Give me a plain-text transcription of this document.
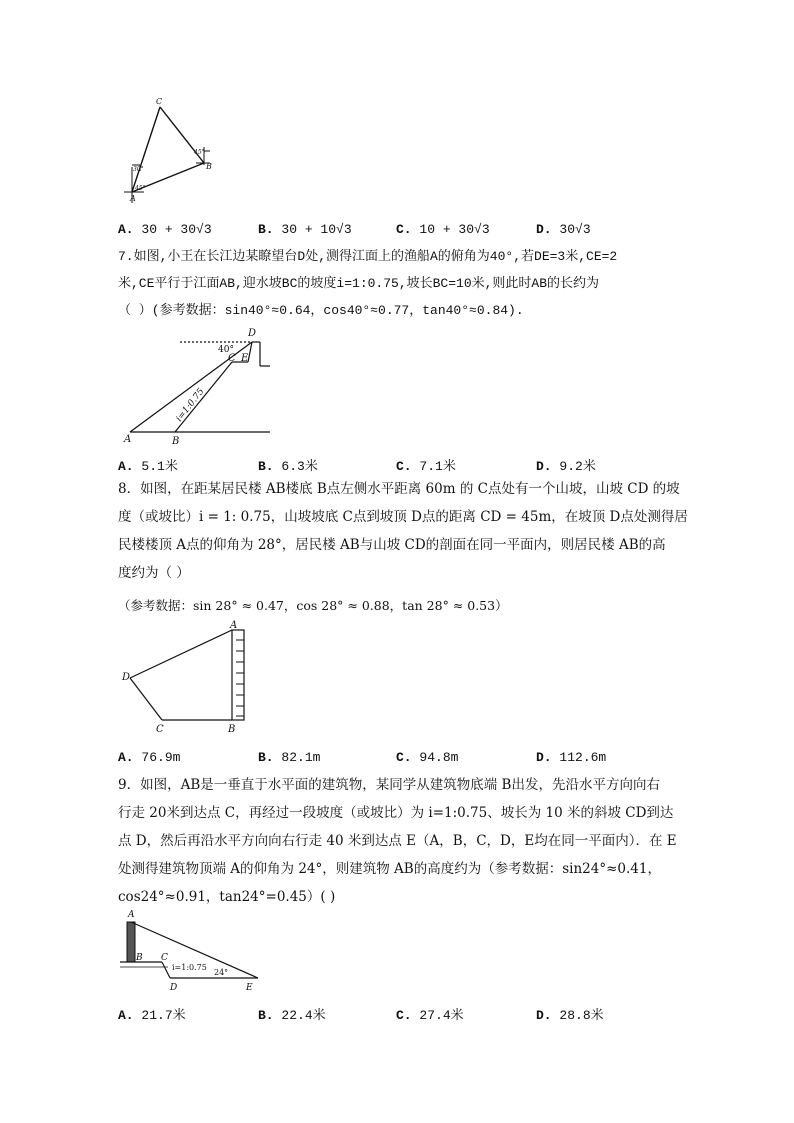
C
B
A
30°
45°
45°
A. 30 + 30√3	B. 30 + 10√3	C. 10 + 30√3	D. 30√3
7.如图,小王在长江边某瞭望台D处,测得江面上的渔船A的俯角为40°,若DE=3米,CE=2
米,CE平行于江面AB,迎水坡BC的坡度i=1:0.75,坡长BC=10米,则此时AB的长约为
（ ）(参考数据：sin40°≈0.64，cos40°≈0.77，tan40°≈0.84).
D
40°
C E
i=1:0.75
A	B
A. 5.1米	B. 6.3米	C. 7.1米	D. 9.2米
8．如图，在距某居民楼 AB楼底 B点左侧水平距离 60m 的 C点处有一个山坡，山坡 CD 的坡
度（或坡比）i = 1: 0.75，山坡坡底 C点到坡顶 D点的距离 CD = 45m，在坡顶 D点处测得居
民楼楼顶 A点的仰角为 28°，居民楼 AB与山坡 CD的剖面在同一平面内，则居民楼 AB的高
度约为（ ）
（参考数据：sin 28° ≈ 0.47，cos 28° ≈ 0.88，tan 28° ≈ 0.53）
A
D
C	B
A. 76.9m	B. 82.1m	C. 94.8m	D. 112.6m
9．如图，AB是一垂直于水平面的建筑物，某同学从建筑物底端 B出发，先沿水平方向向右
行走 20米到达点 C，再经过一段坡度（或坡比）为 i=1:0.75、坡长为 10 米的斜坡 CD到达
点 D，然后再沿水平方向向右行走 40 米到达点 E（A，B，C，D，E均在同一平面内）．在 E
处测得建筑物顶端 A的仰角为 24°，则建筑物 AB的高度约为（参考数据：sin24°≈0.41，
cos24°≈0.91，tan24°=0.45）( )
A
B C
D	E
i=1:0.75
24°
A. 21.7米	B. 22.4米	C. 27.4米	D. 28.8米
